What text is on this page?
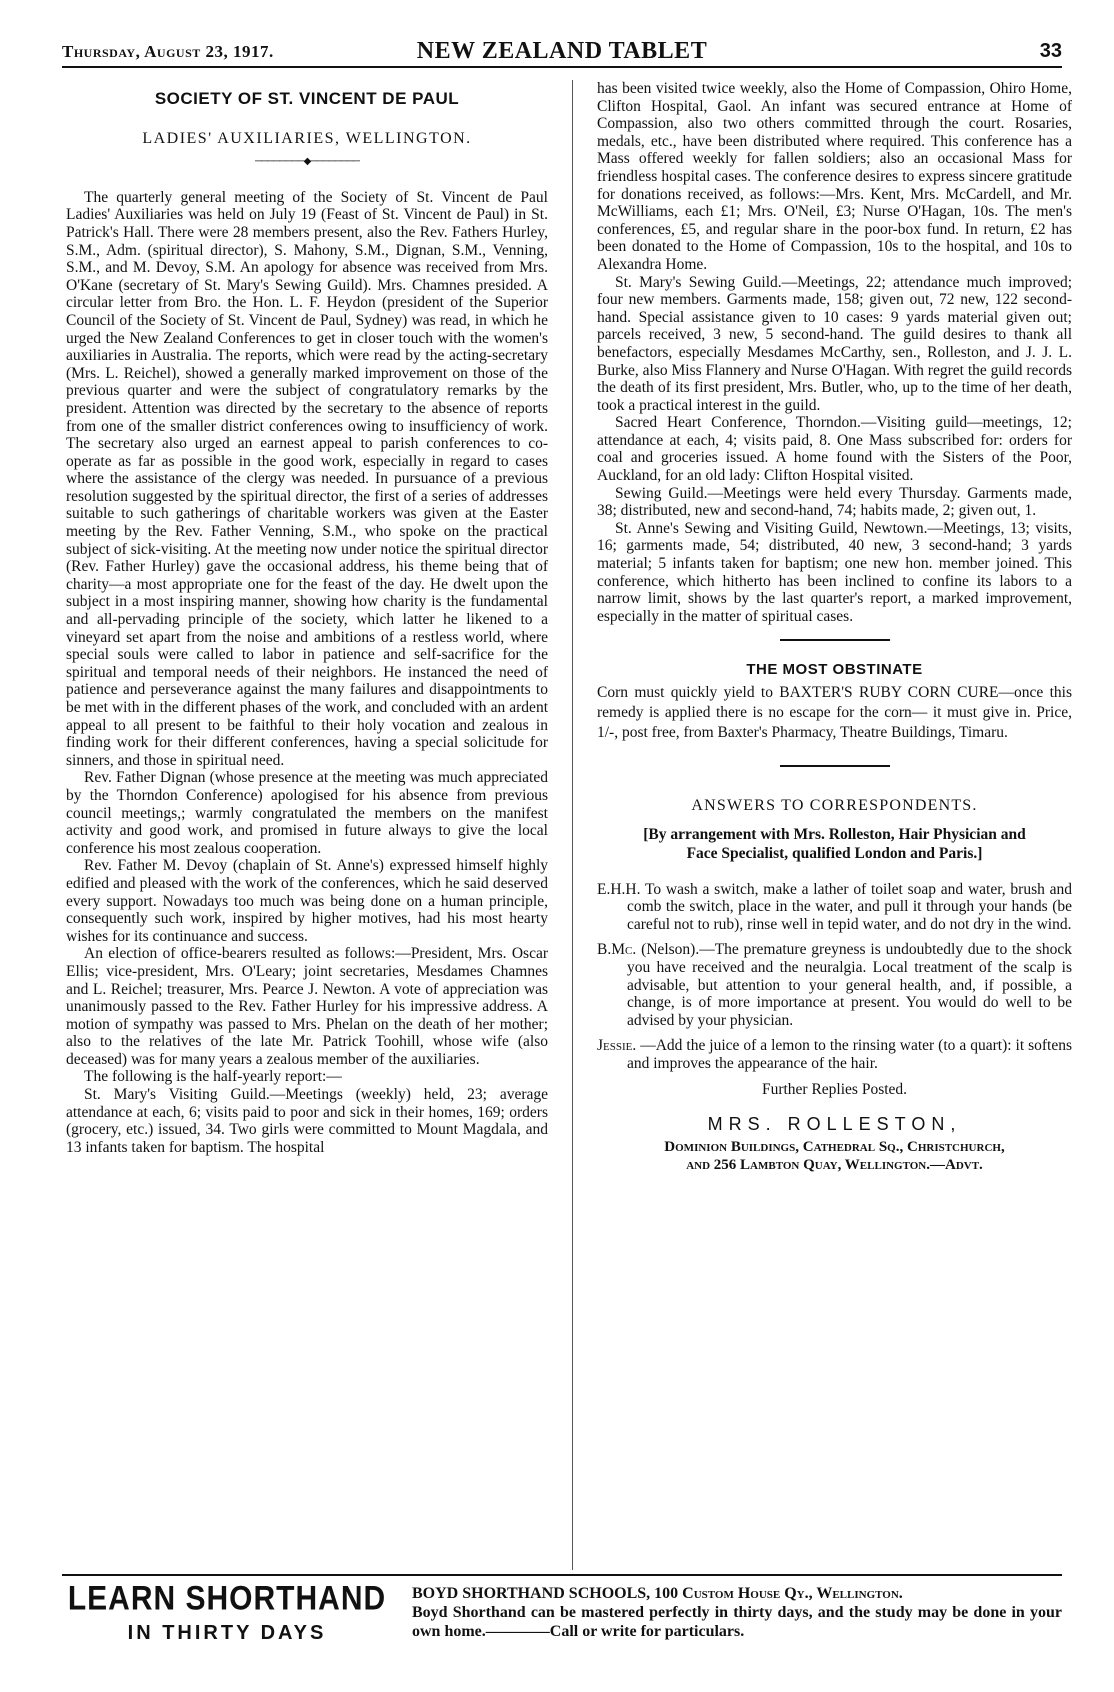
Thursday, August 23, 1917.	NEW ZEALAND TABLET	33
SOCIETY OF ST. VINCENT DE PAUL
LADIES' AUXILIARIES, WELLINGTON.
────────◆────────

The quarterly general meeting of the Society of St. Vincent de Paul Ladies' Auxiliaries was held on July 19 (Feast of St. Vincent de Paul) in St. Patrick's Hall. There were 28 members present, also the Rev. Fathers Hurley, S.M., Adm. (spiritual director), S. Mahony, S.M., Dignan, S.M., Venning, S.M., and M. Devoy, S.M. An apology for absence was received from Mrs. O'Kane (secretary of St. Mary's Sewing Guild). Mrs. Chamnes presided. A circular letter from Bro. the Hon. L. F. Heydon (president of the Superior Council of the Society of St. Vincent de Paul, Sydney) was read, in which he urged the New Zealand Conferences to get in closer touch with the women's auxiliaries in Australia. The reports, which were read by the acting-secretary (Mrs. L. Reichel), showed a generally marked improvement on those of the previous quarter and were the subject of congratulatory remarks by the president. Attention was directed by the secretary to the absence of reports from one of the smaller district conferences owing to insufficiency of work. The secretary also urged an earnest appeal to parish conferences to co-operate as far as possible in the good work, especially in regard to cases where the assistance of the clergy was needed. In pursuance of a previous resolution suggested by the spiritual director, the first of a series of addresses suitable to such gatherings of charitable workers was given at the Easter meeting by the Rev. Father Venning, S.M., who spoke on the practical subject of sick-visiting. At the meeting now under notice the spiritual director (Rev. Father Hurley) gave the occasional address, his theme being that of charity—a most appropriate one for the feast of the day. He dwelt upon the subject in a most inspiring manner, showing how charity is the fundamental and all-pervading principle of the society, which latter he likened to a vineyard set apart from the noise and ambitions of a restless world, where special souls were called to labor in patience and self-sacrifice for the spiritual and temporal needs of their neighbors. He instanced the need of patience and perseverance against the many failures and disappointments to be met with in the different phases of the work, and concluded with an ardent appeal to all present to be faithful to their holy vocation and zealous in finding work for their different conferences, having a special solicitude for sinners, and those in spiritual need.

Rev. Father Dignan (whose presence at the meeting was much appreciated by the Thorndon Conference) apologised for his absence from previous council meetings,; warmly congratulated the members on the manifest activity and good work, and promised in future always to give the local conference his most zealous cooperation.

Rev. Father M. Devoy (chaplain of St. Anne's) expressed himself highly edified and pleased with the work of the conferences, which he said deserved every support. Nowadays too much was being done on a human principle, consequently such work, inspired by higher motives, had his most hearty wishes for its continuance and success.

An election of office-bearers resulted as follows:—President, Mrs. Oscar Ellis; vice-president, Mrs. O'Leary; joint secretaries, Mesdames Chamnes and L. Reichel; treasurer, Mrs. Pearce J. Newton. A vote of appreciation was unanimously passed to the Rev. Father Hurley for his impressive address. A motion of sympathy was passed to Mrs. Phelan on the death of her mother; also to the relatives of the late Mr. Patrick Toohill, whose wife (also deceased) was for many years a zealous member of the auxiliaries.

The following is the half-yearly report:—

St. Mary's Visiting Guild.—Meetings (weekly) held, 23; average attendance at each, 6; visits paid to poor and sick in their homes, 169; orders (grocery, etc.) issued, 34. Two girls were committed to Mount Magdala, and 13 infants taken for baptism. The hospital

has been visited twice weekly, also the Home of Compassion, Ohiro Home, Clifton Hospital, Gaol. An infant was secured entrance at Home of Compassion, also two others committed through the court. Rosaries, medals, etc., have been distributed where required. This conference has a Mass offered weekly for fallen soldiers; also an occasional Mass for friendless hospital cases. The conference desires to express sincere gratitude for donations received, as follows:—Mrs. Kent, Mrs. McCardell, and Mr. McWilliams, each £1; Mrs. O'Neil, £3; Nurse O'Hagan, 10s. The men's conferences, £5, and regular share in the poor-box fund. In return, £2 has been donated to the Home of Compassion, 10s to the hospital, and 10s to Alexandra Home.

St. Mary's Sewing Guild.—Meetings, 22; attendance much improved; four new members. Garments made, 158; given out, 72 new, 122 second-hand. Special assistance given to 10 cases: 9 yards material given out; parcels received, 3 new, 5 second-hand. The guild desires to thank all benefactors, especially Mesdames McCarthy, sen., Rolleston, and J. J. L. Burke, also Miss Flannery and Nurse O'Hagan. With regret the guild records the death of its first president, Mrs. Butler, who, up to the time of her death, took a practical interest in the guild.

Sacred Heart Conference, Thorndon.—Visiting guild—meetings, 12; attendance at each, 4; visits paid, 8. One Mass subscribed for: orders for coal and groceries issued. A home found with the Sisters of the Poor, Auckland, for an old lady: Clifton Hospital visited.

Sewing Guild.—Meetings were held every Thursday. Garments made, 38; distributed, new and second-hand, 74; habits made, 2; given out, 1.

St. Anne's Sewing and Visiting Guild, Newtown.—Meetings, 13; visits, 16; garments made, 54; distributed, 40 new, 3 second-hand; 3 yards material; 5 infants taken for baptism; one new hon. member joined. This conference, which hitherto has been inclined to confine its labors to a narrow limit, shows by the last quarter's report, a marked improvement, especially in the matter of spiritual cases.

THE MOST OBSTINATE
Corn must quickly yield to BAXTER'S RUBY CORN CURE—once this remedy is applied there is no escape for the corn— it must give in. Price, 1/-, post free, from Baxter's Pharmacy, Theatre Buildings, Timaru.
ANSWERS TO CORRESPONDENTS.
[By arrangement with Mrs. Rolleston, Hair Physician and Face Specialist, qualified London and Paris.]
E.H.H. To wash a switch, make a lather of toilet soap and water, brush and comb the switch, place in the water, and pull it through your hands (be careful not to rub), rinse well in tepid water, and do not dry in the wind.
B.Mc. (Nelson).—The premature greyness is undoubtedly due to the shock you have received and the neuralgia. Local treatment of the scalp is advisable, but attention to your general health, and, if possible, a change, is of more importance at present. You would do well to be advised by your physician.
Jessie. —Add the juice of a lemon to the rinsing water (to a quart): it softens and improves the appearance of the hair.
Further Replies Posted.
MRS. ROLLESTON,
Dominion Buildings, Cathedral Sq., Christchurch,
and 256 Lambton Quay, Wellington.—Advt.
LEARN SHORTHAND
IN THIRTY DAYS
BOYD SHORTHAND SCHOOLS, 100 Custom House Qy., Wellington.
Boyd Shorthand can be mastered perfectly in thirty days, and the study may be done in your own home.————Call or write for particulars.
